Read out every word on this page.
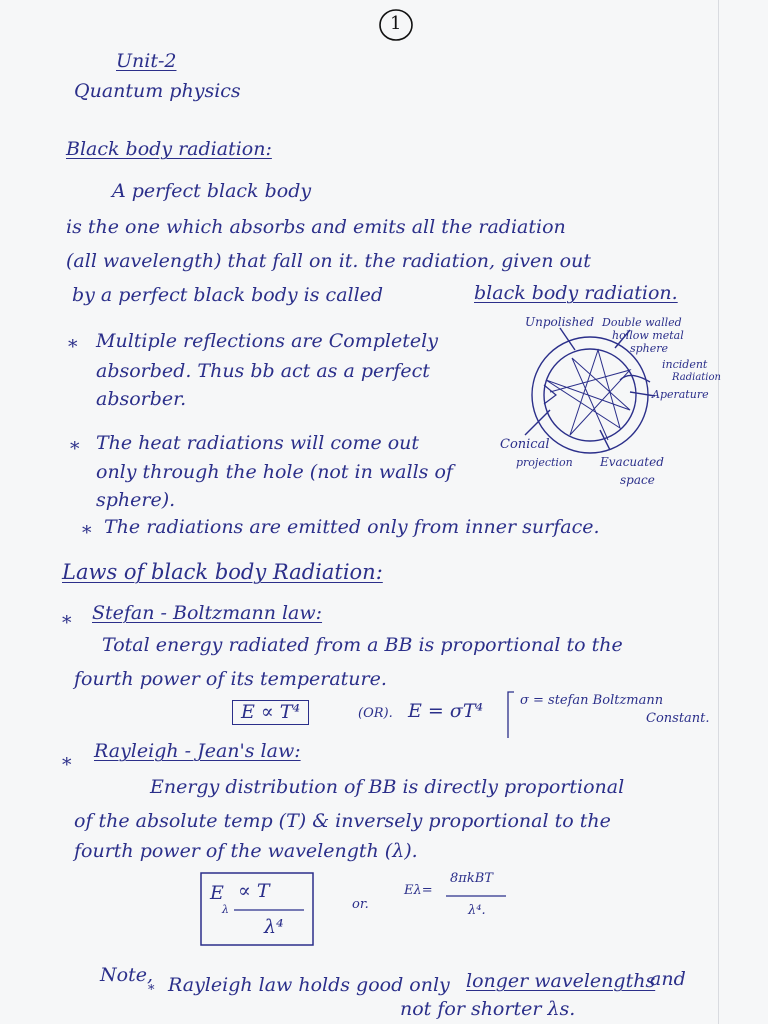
1
Unit-2
Quantum physics
Black body radiation:
A perfect black body
is the one which absorbs and emits all the radiation
(all wavelength) that fall on it. the radiation, given out
by a perfect black body is called	black body radiation.
* Multiple reflections are Completely
absorbed. Thus bb act as a perfect
absorber.
* The heat radiations will come out
only through the hole (not in walls of
sphere).
* The radiations are emitted only from inner surface.
Unpolished Double walled
hollow metal
sphere
incident
Radiation
Aperature
Conical
projection Evacuated
space
Laws of black body Radiation:
* Stefan - Boltzmann law:
Total energy radiated from a BB is proportional to the
fourth power of its temperature.
E ∝ T⁴	(OR). E = σT⁴	σ = stefan Boltzmann
Constant.
*
Rayleigh - Jean's law:
Energy distribution of BB is directly proportional
of the absolute temp (T) & inversely proportional to the
fourth power of the wavelength (λ).
E
λ
∝ T
λ⁴
or.
Eλ=
8πkBT
λ⁴.
Note,
* Rayleigh law holds good only longer wavelengths
and
not for shorter λs.
